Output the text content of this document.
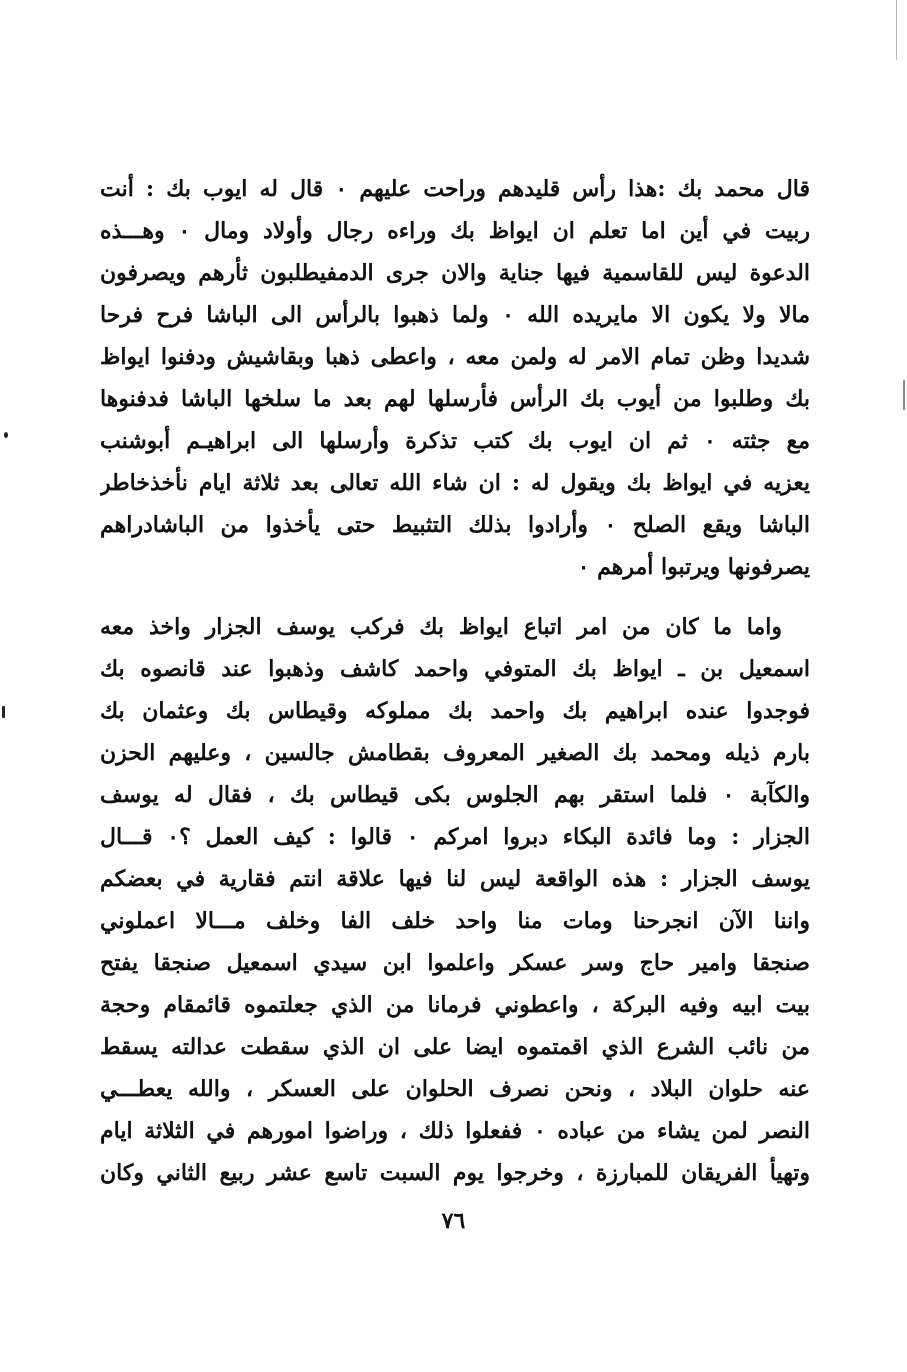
قال محمد بك :هذا رأس قليدهم وراحت عليهم ٠ قال له ايوب بك : أنت
ربيت في أين اما تعلم ان ايواظ بك وراءه رجال وأولاد ومال ٠ وهـــذه
الدعوة ليس للقاسمية فيها جناية والان جرى الدمفيطلبون ثأرهم ويصرفون
مالا ولا يكون الا مايريده الله ٠ ولما ذهبوا بالرأس الى الباشا فرح فرحا
شديدا وظن تمام الامر له ولمن معه ، واعطى ذهبا وبقاشيش ودفنوا ايواظ
بك وطلبوا من أيوب بك الرأس فأرسلها لهم بعد ما سلخها الباشا فدفنوها
مع جثته ٠ ثم ان ايوب بك كتب تذكرة وأرسلها الى ابراهيـم أبوشنب
يعزيه في ايواظ بك ويقول له : ان شاء الله تعالى بعد ثلاثة ايام نأخذخاطر
الباشا ويقع الصلح ٠ وأرادوا بذلك التثبيط حتى يأخذوا من الباشادراهم
يصرفونها ويرتبوا أمرهم ٠
واما ما كان من امر اتباع ايواظ بك فركب يوسف الجزار واخذ معه
اسمعيل بن ـ ايواظ بك المتوفي واحمد كاشف وذهبوا عند قانصوه بك
فوجدوا عنده ابراهيم بك واحمد بك مملوكه وقيطاس بك وعثمان بك
بارم ذيله ومحمد بك الصغير المعروف بقطامش جالسين ، وعليهم الحزن
والكآبة ٠ فلما استقر بهم الجلوس بكى قيطاس بك ، فقال له يوسف
الجزار : وما فائدة البكاء دبروا امركم ٠ قالوا : كيف العمل ؟٠ قـــال
يوسف الجزار : هذه الواقعة ليس لنا فيها علاقة انتم فقارية في بعضكم
واننا الآن انجرحنا ومات منا واحد خلف الفا وخلف مـــالا اعملوني
صنجقا وامير حاج وسر عسكر واعلموا ابن سيدي اسمعيل صنجقا يفتح
بيت ابيه وفيه البركة ، واعطوني فرمانا من الذي جعلتموه قائمقام وحجة
من نائب الشرع الذي اقمتموه ايضا على ان الذي سقطت عدالته يسقط
عنه حلوان البلاد ، ونحن نصرف الحلوان على العسكر ، والله يعطـــي
النصر لمن يشاء من عباده ٠ ففعلوا ذلك ، وراضوا امورهم في الثلاثة ايام
وتهيأ الفريقان للمبارزة ، وخرجوا يوم السبت تاسع عشر ربيع الثاني وكان
٧٦
